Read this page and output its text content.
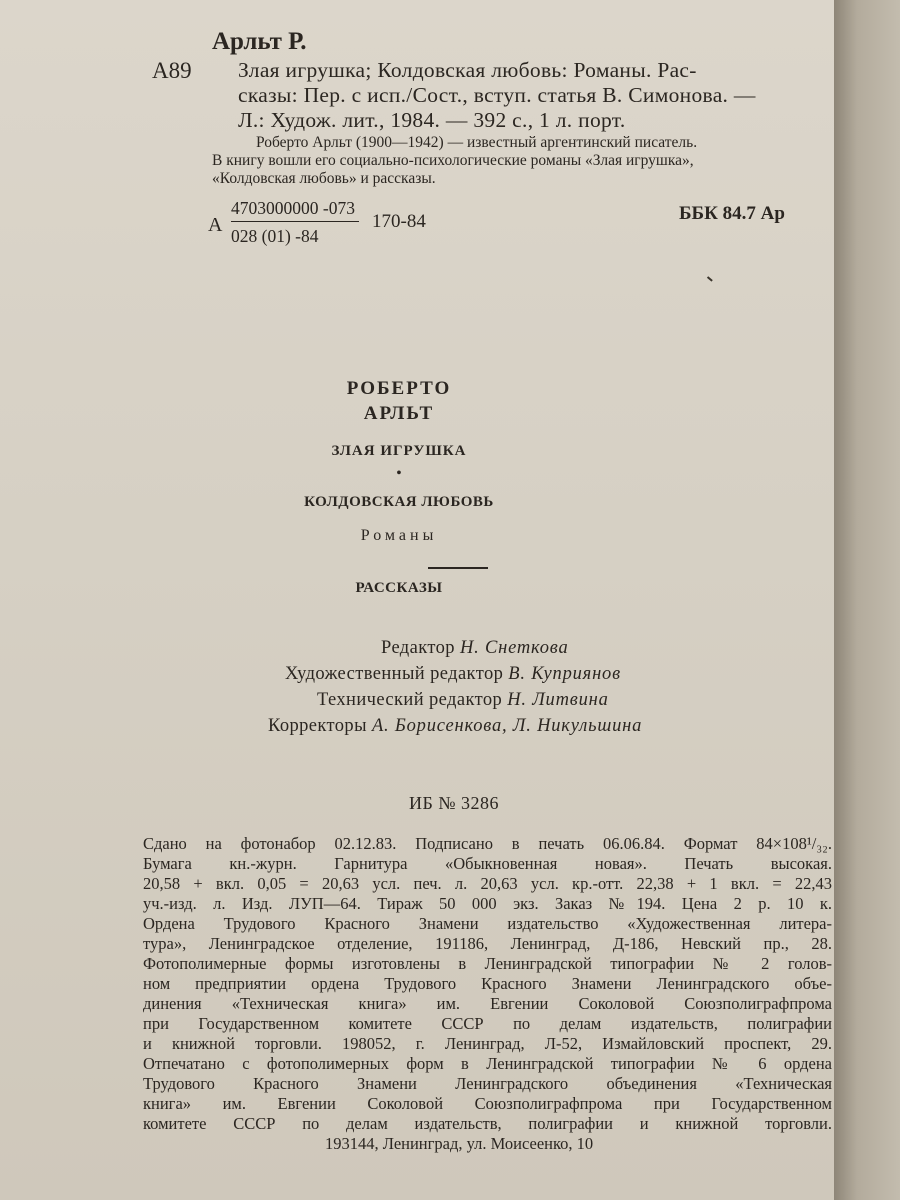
Арльт Р.
А89 Злая игрушка; Колдовская любовь: Романы. Рас-
сказы: Пер. с исп./Сост., вступ. статья В. Симонова. —
Л.: Худож. лит., 1984. — 392 с., 1 л. порт.
Роберто Арльт (1900—1942) — известный аргентинский писатель.
В книгу вошли его социально-психологические романы «Злая игрушка»,
«Колдовская любовь» и рассказы.
А $\frac{4703000000 -073}{028 (01) -84} 170-84$	ББК 84.7 Ар
РОБЕРТО
АРЛЬТ
ЗЛАЯ ИГРУШКА
•
КОЛДОВСКАЯ ЛЮБОВЬ
Романы
РАССКАЗЫ
Редактор Н. Снеткова
Художественный редактор В. Куприянов
Технический редактор Н. Литвина
Корректоры А. Борисенкова, Л. Никульшина
ИБ № 3286
Сдано на фотонабор 02.12.83. Подписано в печать 06.06.84. Формат 84×108¹/₃₂.
Бумага кн.-журн. Гарнитура «Обыкновенная новая». Печать высокая.
20,58 + вкл. 0,05 = 20,63 усл. печ. л. 20,63 усл. кр.-отт. 22,38 + 1 вкл. = 22,43
уч.-изд. л. Изд. ЛУП—64. Тираж 50 000 экз. Заказ №194. Цена 2 р. 10 к.
Ордена Трудового Красного Знамени издательство «Художественная литера-
тура», Ленинградское отделение, 191186, Ленинград, Д-186, Невский пр., 28.
Фотополимерные формы изготовлены в Ленинградской типографии № 2 голов-
ном предприятии ордена Трудового Красного Знамени Ленинградского объе-
динения «Техническая книга» им. Евгении Соколовой Союзполиграфпрома
при Государственном комитете СССР по делам издательств, полиграфии
и книжной торговли. 198052, г. Ленинград, Л-52, Измайловский проспект, 29.
Отпечатано с фотополимерных форм в Ленинградской типографии № 6 ордена
Трудового Красного Знамени Ленинградского объединения «Техническая
книга» им. Евгении Соколовой Союзполиграфпрома при Государственном
комитете СССР по делам издательств, полиграфии и книжной торговли.
193144, Ленинград, ул. Моисеенко, 10
